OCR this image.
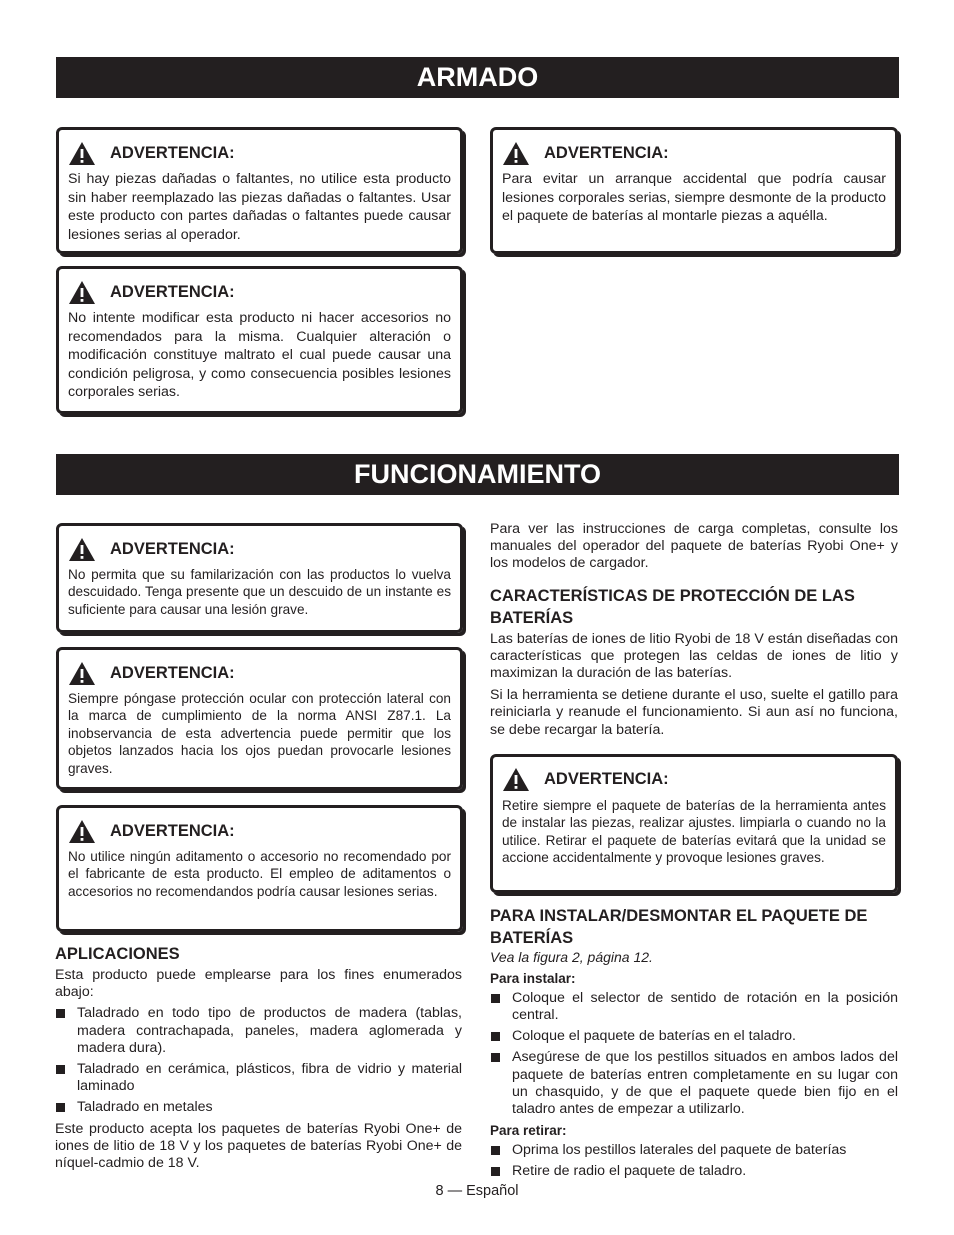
ARMADO
ADVERTENCIA:

Si hay piezas dañadas o faltantes, no utilice esta producto sin haber reemplazado las piezas dañadas o faltantes. Usar este producto con partes dañadas o faltantes puede causar lesiones serias al operador.

ADVERTENCIA:

No intente modificar esta producto ni hacer accesorios no recomendados para la misma. Cualquier alteración o modificación constituye maltrato el cual puede causar una condición peligrosa, y como consecuencia posibles lesiones corporales serias.

ADVERTENCIA:

Para evitar un arranque accidental que podría causar lesiones corporales serias, siempre desmonte de la producto el paquete de baterías al montarle piezas a aquélla.

FUNCIONAMIENTO
ADVERTENCIA:

No permita que su familarización con las productos lo vuelva descuidado. Tenga presente que un descuido de un instante es suficiente para causar una lesión grave.

ADVERTENCIA:

Siempre póngase protección ocular con protección lateral con la marca de cumplimiento de la norma ANSI Z87.1. La inobservancia de esta advertencia puede permitir que los objetos lanzados hacia los ojos puedan provocarle lesiones graves.

ADVERTENCIA:

No utilice ningún aditamento o accesorio no recomendado por el fabricante de esta producto. El empleo de aditamentos o accesorios no recomendandos podría causar lesiones serias.

APLICACIONES

Esta producto puede emplearse para los fines enumerados abajo:

Taladrado en todo tipo de productos de madera (tablas, madera contrachapada, paneles, madera aglomerada y madera dura).
Taladrado en cerámica, plásticos, fibra de vidrio y material laminado
Taladrado en metales

Este producto acepta los paquetes de baterías Ryobi One+ de iones de litio de 18 V y los paquetes de baterías Ryobi One+ de níquel-cadmio de 18 V.

Para ver las instrucciones de carga completas, consulte los manuales del operador del paquete de baterías Ryobi One+ y los modelos de cargador.

CARACTERÍSTICAS DE PROTECCIÓN DE LAS BATERÍAS

Las baterías de iones de litio Ryobi de 18 V están diseñadas con características que protegen las celdas de iones de litio y maximizan la duración de las baterías.

Si la herramienta se detiene durante el uso, suelte el gatillo para reiniciarla y reanude el funcionamiento. Si aun así no funciona, se debe recargar la batería.

ADVERTENCIA:

Retire siempre el paquete de baterías de la herramienta antes de instalar las piezas, realizar ajustes. limpiarla o cuando no la utilice. Retirar el paquete de baterías evitará que la unidad se accione accidentalmente y provoque lesiones graves.

PARA INSTALAR/DESMONTAR EL PAQUETE DE BATERÍAS

Vea la figura 2, página 12.

Para instalar:

Coloque el selector de sentido de rotación en la posición central.
Coloque el paquete de baterías en el taladro.
Asegúrese de que los pestillos situados en ambos lados del paquete de baterías entren completamente en su lugar con un chasquido, y de que el paquete quede bien fijo en el taladro antes de empezar a utilizarlo.

Para retirar:

Oprima los pestillos laterales del paquete de baterías
Retire de radio el paquete de taladro.
8 — Español
